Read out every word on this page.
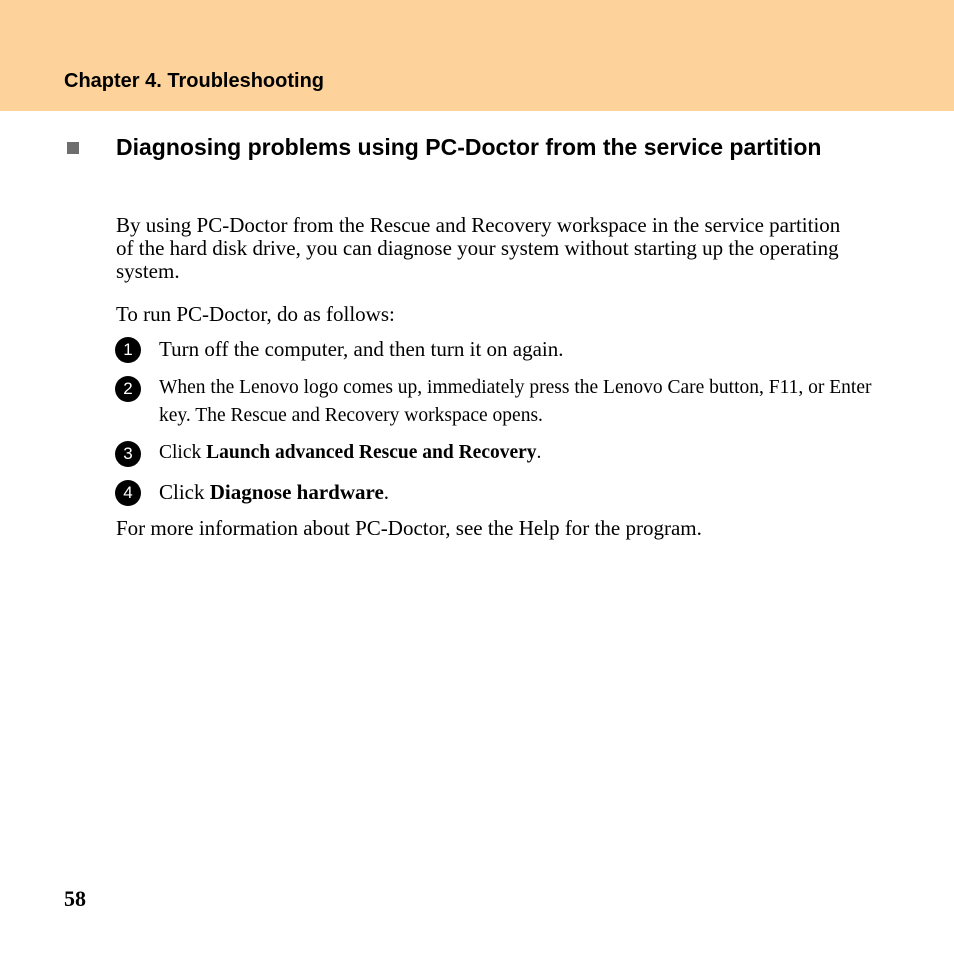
Chapter 4. Troubleshooting
Diagnosing problems using PC-Doctor from the service partition
By using PC-Doctor from the Rescue and Recovery workspace in the service partition of the hard disk drive, you can diagnose your system without starting up the operating system.
To run PC-Doctor, do as follows:
1	Turn off the computer, and then turn it on again.
2	When the Lenovo logo comes up, immediately press the Lenovo Care button, F11, or Enter key. The Rescue and Recovery workspace opens.
3	Click Launch advanced Rescue and Recovery.
4	Click Diagnose hardware.
For more information about PC-Doctor, see the Help for the program.
58
